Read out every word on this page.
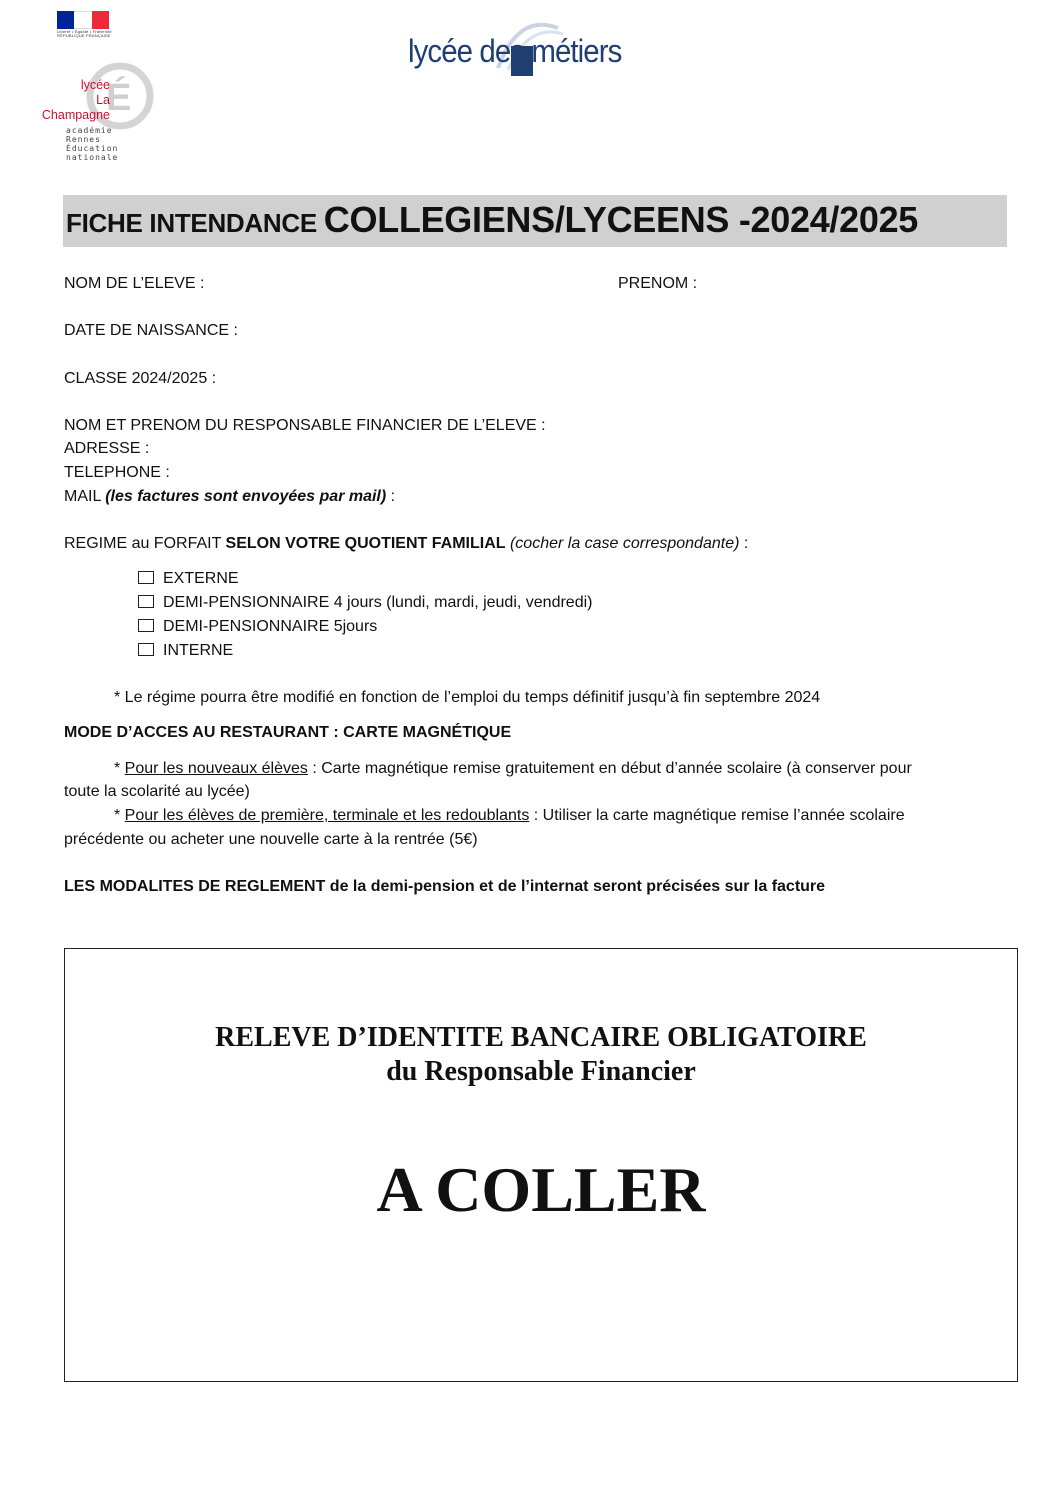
Liberté • Égalité • Fraternité
RÉPUBLIQUE FRANÇAISE
É
lycée
La Champagne
académie
Rennes
Éducation
nationale
lycée des métiers
FICHE INTENDANCE COLLEGIENS/LYCEENS -2024/2025
NOM DE L’ELEVE :	PRENOM :
DATE DE NAISSANCE :
CLASSE 2024/2025 :
NOM ET PRENOM DU RESPONSABLE FINANCIER DE L’ELEVE :
ADRESSE :
TELEPHONE :
MAIL (les factures sont envoyées par mail) :
REGIME au FORFAIT SELON VOTRE QUOTIENT FAMILIAL (cocher la case correspondante) :
EXTERNE
DEMI-PENSIONNAIRE 4 jours (lundi, mardi, jeudi, vendredi)
DEMI-PENSIONNAIRE 5jours
INTERNE
* Le régime pourra être modifié en fonction de l’emploi du temps définitif jusqu’à fin septembre 2024
MODE D’ACCES AU RESTAURANT : CARTE MAGNÉTIQUE
* Pour les nouveaux élèves : Carte magnétique remise gratuitement en début d’année scolaire (à conserver pour
toute la scolarité au lycée)
* Pour les élèves de première, terminale et les redoublants : Utiliser la carte magnétique remise l’année scolaire
précédente ou acheter une nouvelle carte à la rentrée (5€)
LES MODALITES DE REGLEMENT de la demi-pension et de l’internat seront précisées sur la facture
RELEVE D’IDENTITE BANCAIRE OBLIGATOIRE
du Responsable Financier
A COLLER
